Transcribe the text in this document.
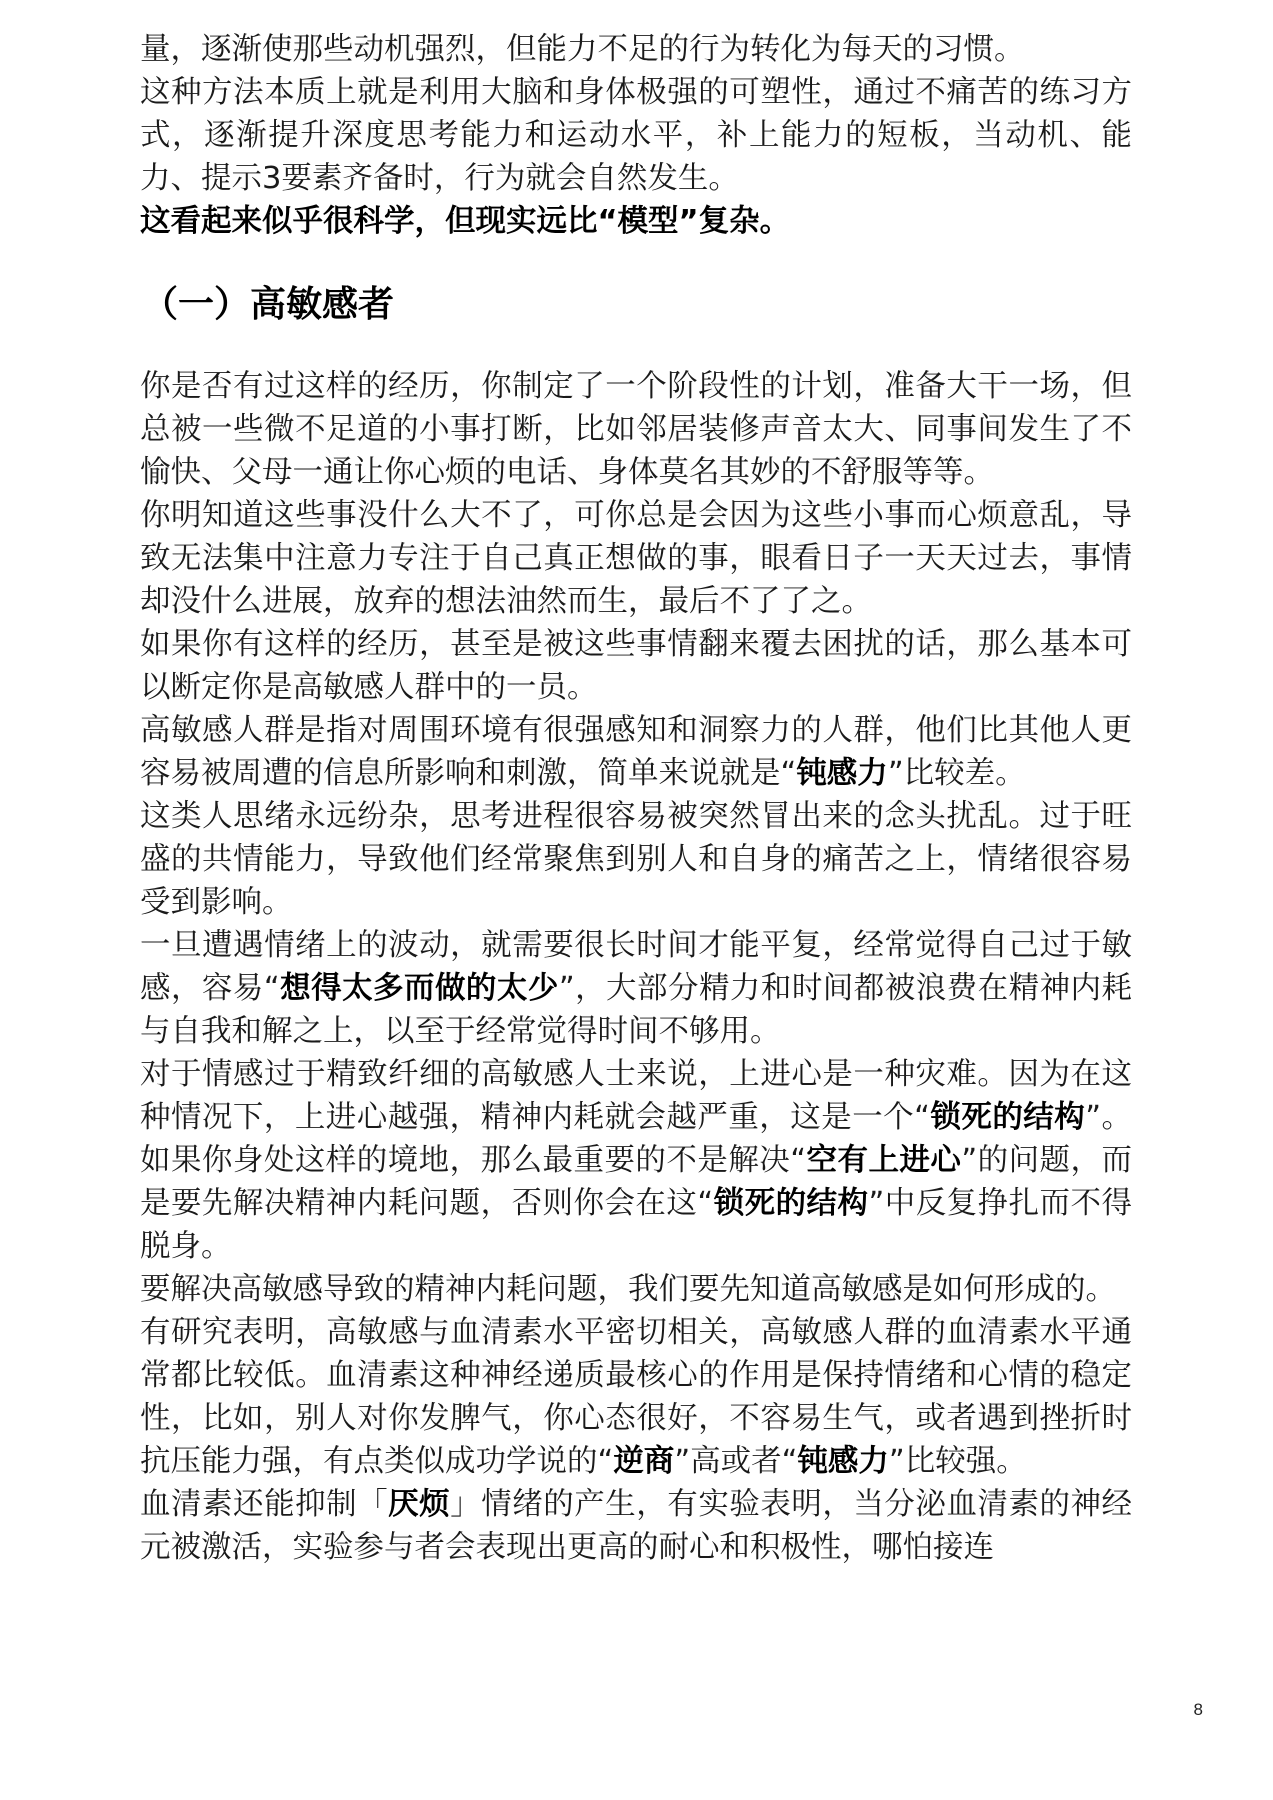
量，逐渐使那些动机强烈，但能力不足的行为转化为每天的习惯。

这种方法本质上就是利用大脑和身体极强的可塑性，通过不痛苦的练习方式，逐渐提升深度思考能力和运动水平，补上能力的短板，当动机、能力、提示3要素齐备时，行为就会自然发生。

这看起来似乎很科学，但现实远比“模型”复杂。

（一）高敏感者

你是否有过这样的经历，你制定了一个阶段性的计划，准备大干一场，但总被一些微不足道的小事打断，比如邻居装修声音太大、同事间发生了不愉快、父母一通让你心烦的电话、身体莫名其妙的不舒服等等。

你明知道这些事没什么大不了，可你总是会因为这些小事而心烦意乱，导致无法集中注意力专注于自己真正想做的事，眼看日子一天天过去，事情却没什么进展，放弃的想法油然而生，最后不了了之。

如果你有这样的经历，甚至是被这些事情翻来覆去困扰的话，那么基本可以断定你是高敏感人群中的一员。

高敏感人群是指对周围环境有很强感知和洞察力的人群，他们比其他人更容易被周遭的信息所影响和刺激，简单来说就是“钝感力”比较差。

这类人思绪永远纷杂，思考进程很容易被突然冒出来的念头扰乱。过于旺盛的共情能力，导致他们经常聚焦到别人和自身的痛苦之上，情绪很容易受到影响。

一旦遭遇情绪上的波动，就需要很长时间才能平复，经常觉得自己过于敏感，容易“想得太多而做的太少”，大部分精力和时间都被浪费在精神内耗与自我和解之上，以至于经常觉得时间不够用。

对于情感过于精致纤细的高敏感人士来说，上进心是一种灾难。因为在这种情况下，上进心越强，精神内耗就会越严重，这是一个“锁死的结构”。如果你身处这样的境地，那么最重要的不是解决“空有上进心”的问题，而是要先解决精神内耗问题，否则你会在这“锁死的结构”中反复挣扎而不得脱身。

要解决高敏感导致的精神内耗问题，我们要先知道高敏感是如何形成的。

有研究表明，高敏感与血清素水平密切相关，高敏感人群的血清素水平通常都比较低。血清素这种神经递质最核心的作用是保持情绪和心情的稳定性，比如，别人对你发脾气，你心态很好，不容易生气，或者遇到挫折时抗压能力强，有点类似成功学说的“逆商”高或者“钝感力”比较强。

血清素还能抑制「厌烦」情绪的产生，有实验表明，当分泌血清素的神经元被激活，实验参与者会表现出更高的耐心和积极性，哪怕接连

8
